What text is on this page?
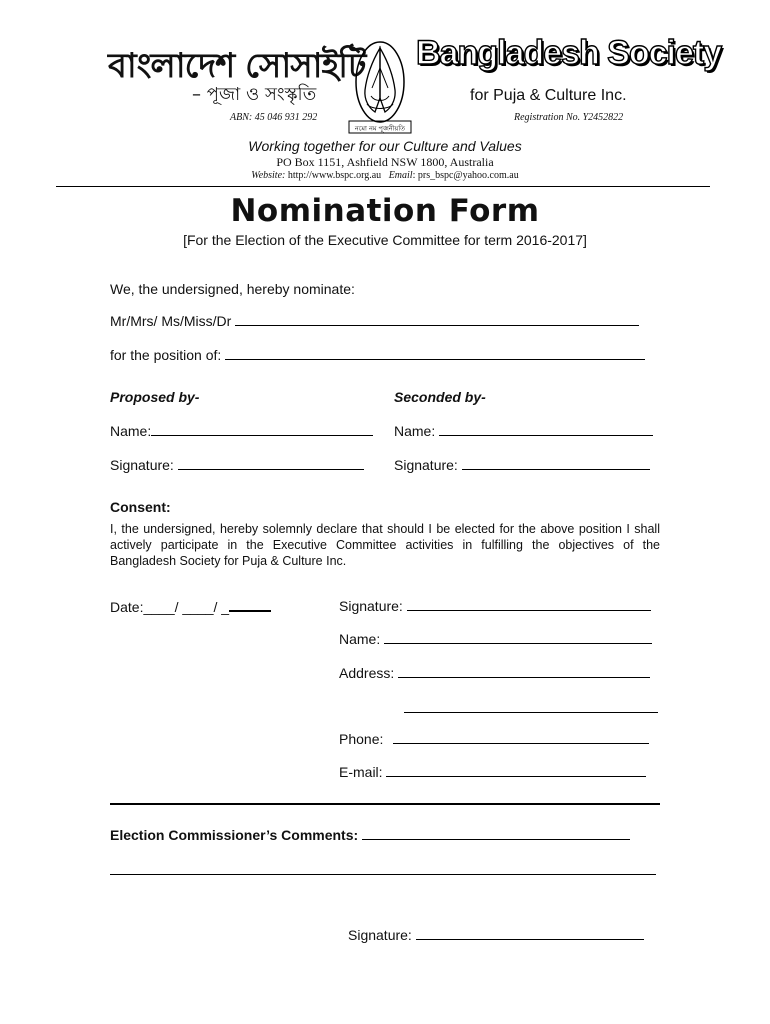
বাংলাদেশ সোসাইটি
– পূজা ও সংস্কৃতি
নমো নম পূজনীয়তি
Bangladesh Society
for Puja & Culture Inc.
ABN: 45 046 931 292	Registration No. Y2452822
Working together for our Culture and Values
PO Box 1151, Ashfield NSW 1800, Australia
Website: http://www.bspc.org.au Email: prs_bspc@yahoo.com.au
Nomination Form
[For the Election of the Executive Committee for term 2016-2017]
We, the undersigned, hereby nominate:
Mr/Mrs/ Ms/Miss/Dr
for the position of:
Proposed by-	Seconded by-
Name:	Name:
Signature:	Signature:
Consent:
I, the undersigned, hereby solemnly declare that should I be elected for the above position I shall actively participate in the Executive Committee activities in fulfilling the objectives of the Bangladesh Society for Puja & Culture Inc.
Date:____/ ____/ _	Signature:
Name:
Address:
Phone:
E-mail:
Election Commissioner’s Comments:
Signature:
